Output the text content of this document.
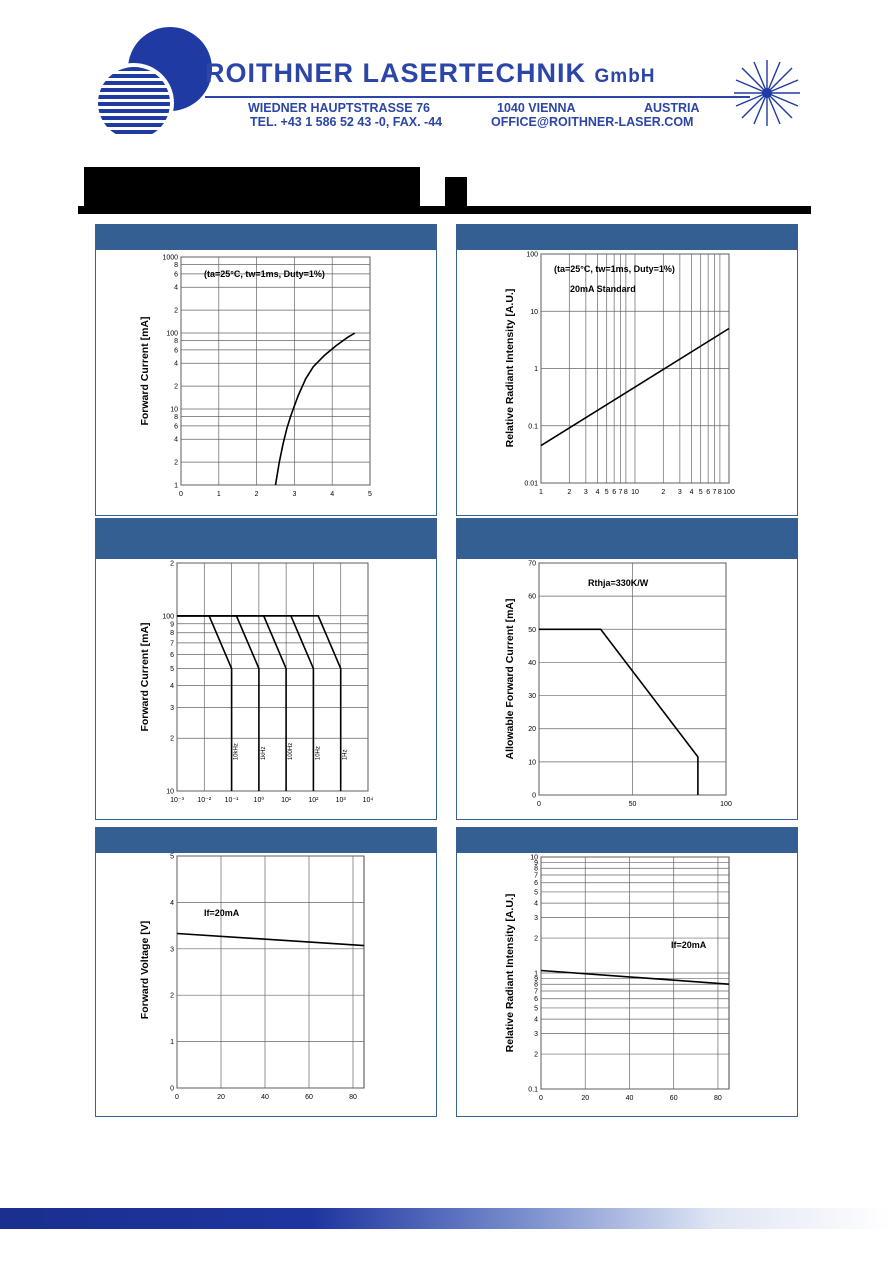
ROITHNER LASERTECHNIK GmbH
WIEDNER HAUPTSTRASSE 76	1040 VIENNA	AUSTRIA
TEL. +43 1 586 52 43 -0, FAX. -44	OFFICE@ROITHNER-LASER.COM
0	1	2	3	4	5
1
2
4
6
8
10
2
4
6
8
100
2
4
6
8
1000
Forward Current [mA]
(ta=25°C, tw=1ms, Duty=1%)
1	2 3 4 5 6 7 8 10	2 3 4 5 6 7 8 100
0.01
0.1
1
10
100
Relative Radiant Intensity [A.U.]
(ta=25°C, tw=1ms, Duty=1%)
20mA Standard
10⁻³ 10⁻² 10⁻¹ 10⁰ 10¹ 10² 10³ 10⁴
10
2
3
4
5
6
7
8
9
100
2
Forward Current [mA]
10kHz	1kHz	100Hz	10Hz	1Hz
0	50	100
0
10
20
30
40
50
60
70
Allowable Forward Current [mA]
Rthja=330K/W
0	20	40	60	80
0
1
2
3
4
5
Forward Voltage [V]
If=20mA
0	20	40	60	80
0.1
2
3
4
5
6
7
8
9
1
2
3
4
5
6
7
8
9
10
Relative Radiant Intensity [A.U.]	If=20mA
